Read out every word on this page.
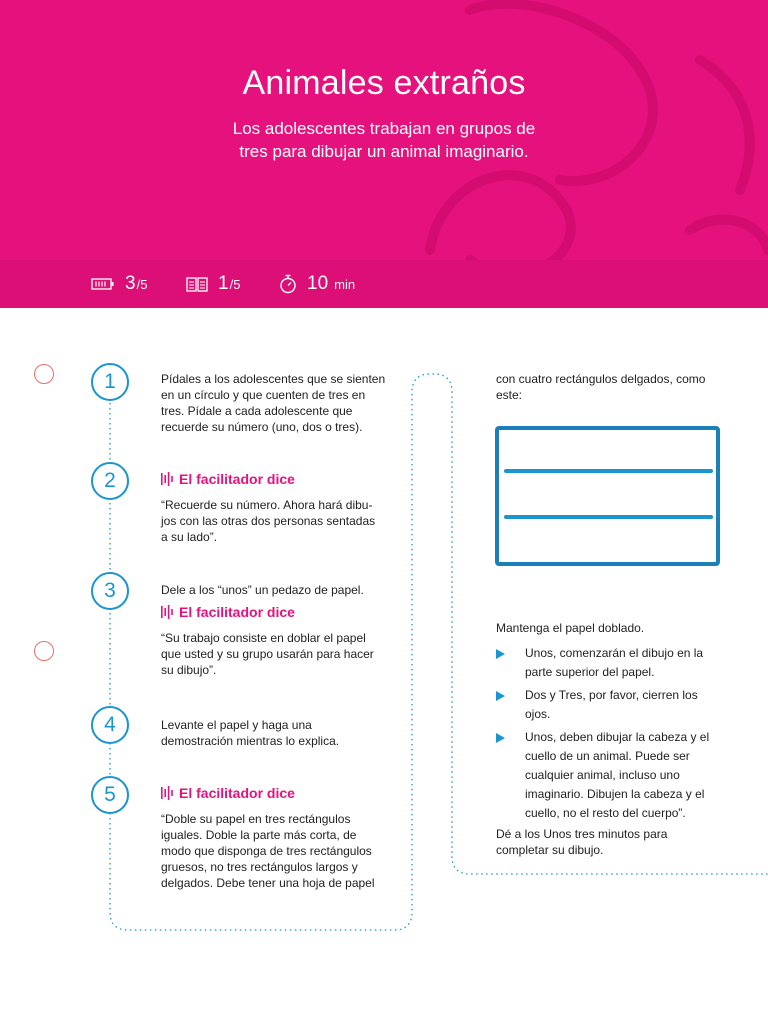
Animales extraños

Los adolescentes trabajan en grupos de tres para dibujar un animal imaginario.

3 /5	1 /5	10 min
1
2
3
4
5
Pídales a los adolescentes que se sienten
en un círculo y que cuenten de tres en
tres. Pídale a cada adolescente que
recuerde su número (uno, dos o tres).
El facilitador dice
“Recuerde su número. Ahora hará dibu-
jos con las otras dos personas sentadas
a su lado”.
Dele a los “unos” un pedazo de papel.
El facilitador dice
“Su trabajo consiste en doblar el papel
que usted y su grupo usarán para hacer
su dibujo”.
Levante el papel y haga una
demostración mientras lo explica.
El facilitador dice
“Doble su papel en tres rectángulos
iguales. Doble la parte más corta, de
modo que disponga de tres rectángulos
gruesos, no tres rectángulos largos y
delgados. Debe tener una hoja de papel
con cuatro rectángulos delgados, como
este:
Mantenga el papel doblado.
Unos, comenzarán el dibujo en la parte superior del papel.
Dos y Tres, por favor, cierren los ojos.
Unos, deben dibujar la cabeza y el cuello de un animal. Puede ser cualquier animal, incluso uno imaginario. Dibujen la cabeza y el cuello, no el resto del cuerpo”.
Dé a los Unos tres minutos para
completar su dibujo.
